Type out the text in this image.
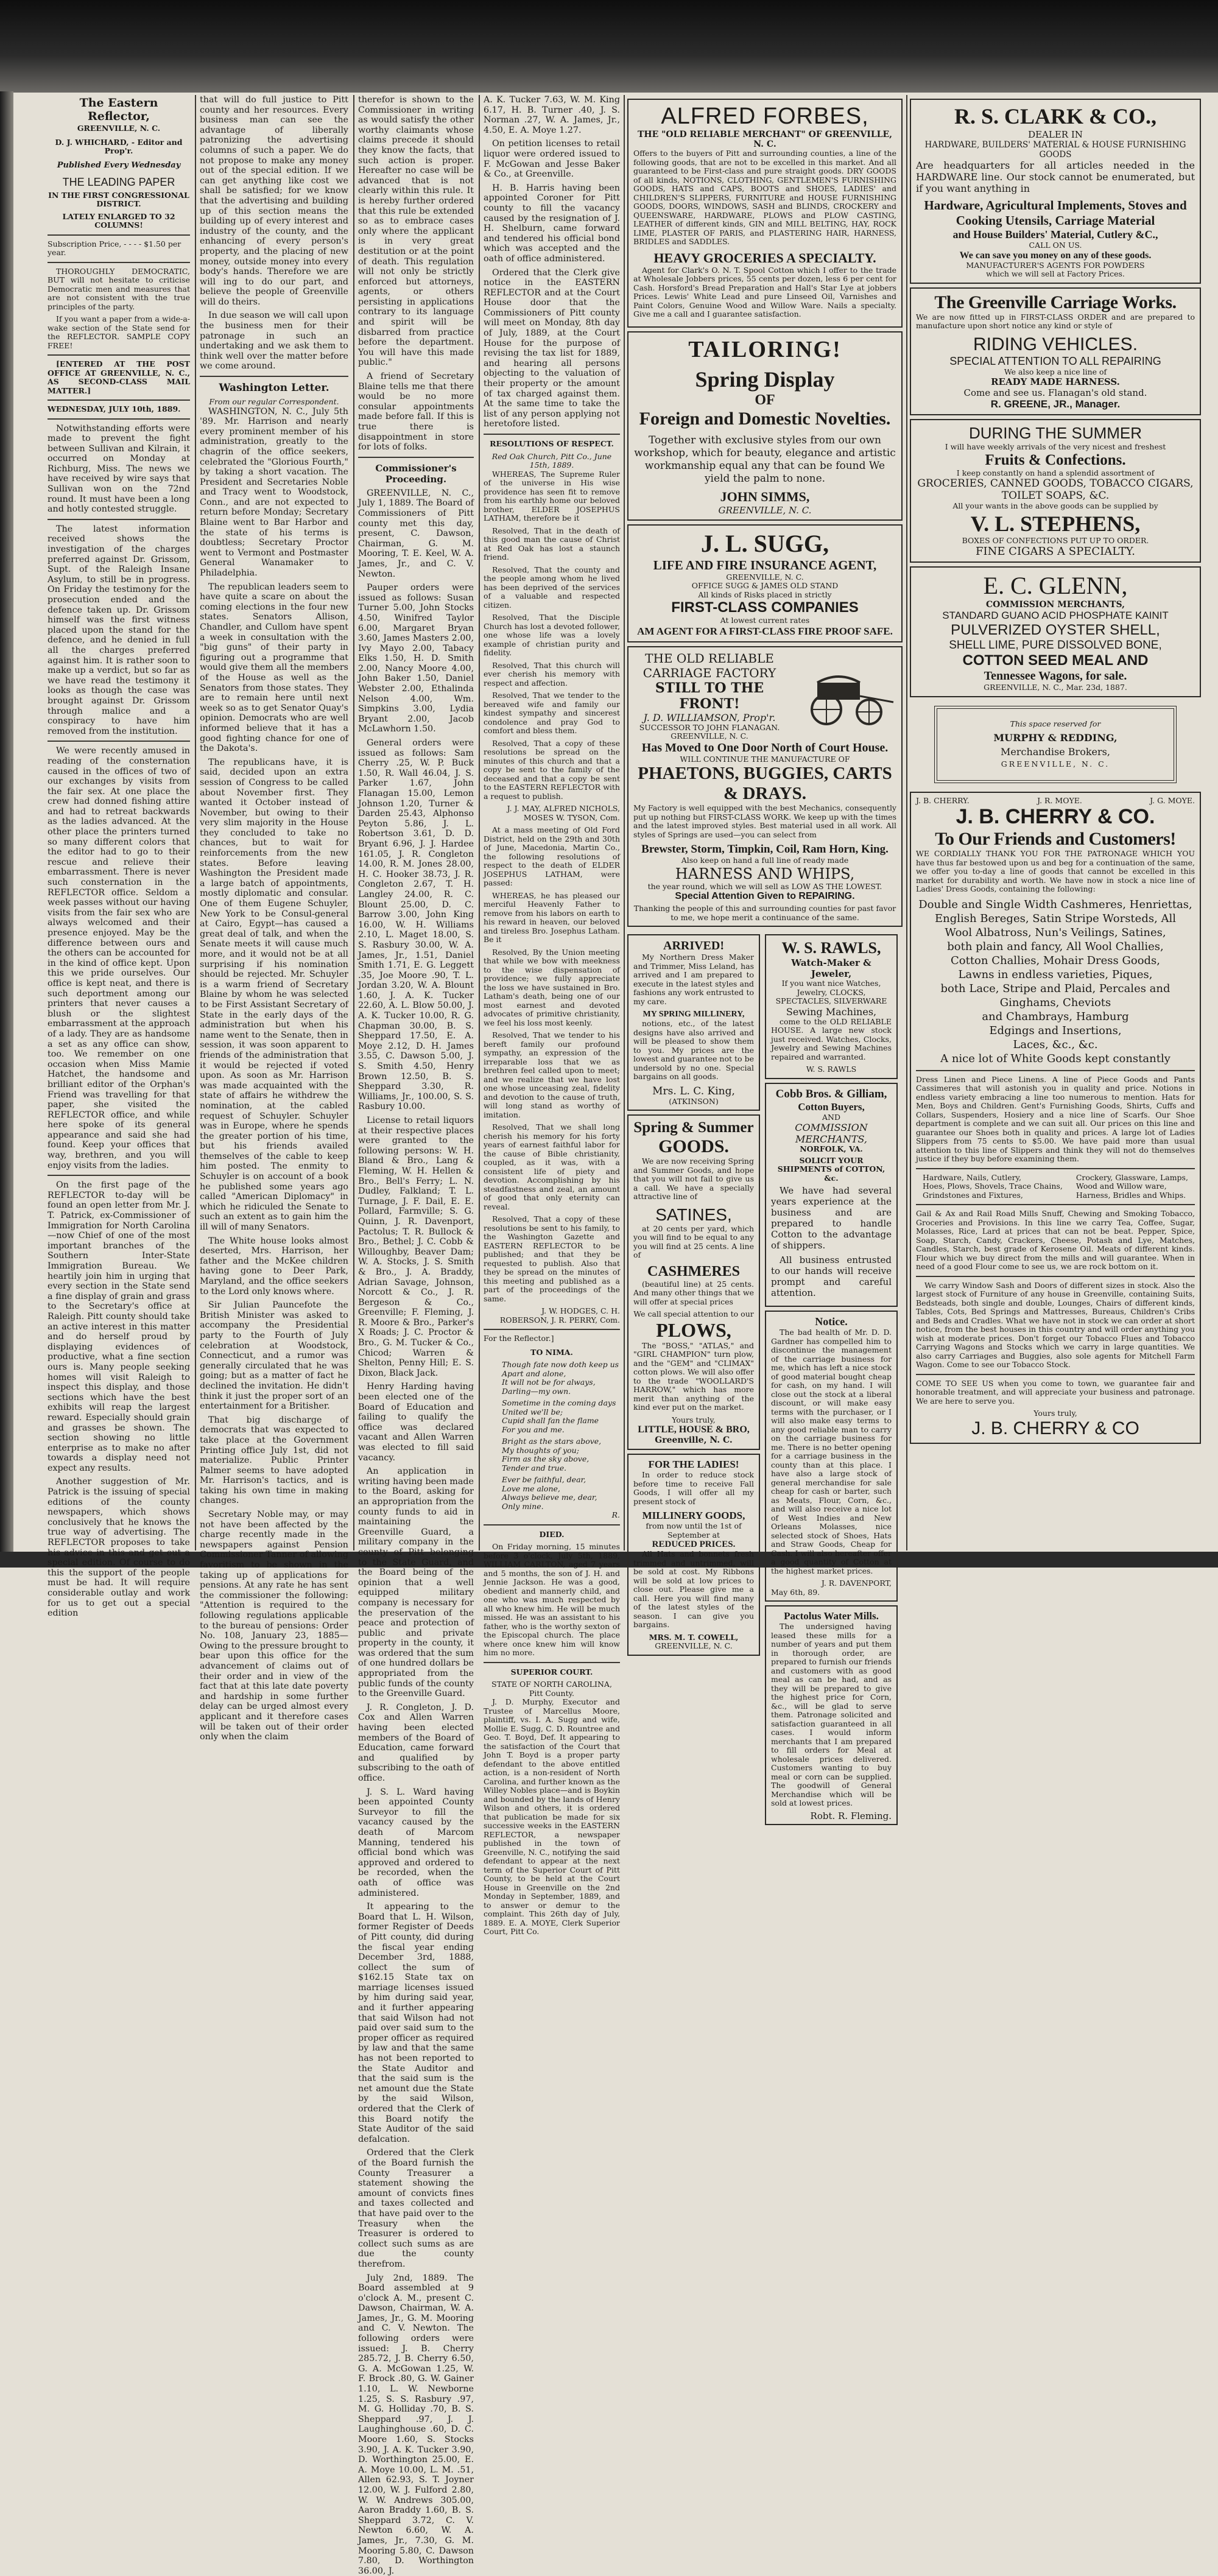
The Eastern Reflector,
GREENVILLE, N. C.
D. J. WHICHARD, - Editor and Prop'r.
Published Every Wednesday
THE LEADING PAPER
IN THE FIRST CONGRESSIONAL DISTRICT.
LATELY ENLARGED TO 32 COLUMNS!
Subscription Price, - - - - $1.50 per year.
THOROUGHLY DEMOCRATIC, BUT will not hesitate to criticise Democratic men and measures that are not consistent with the true principles of the party.
If you want a paper from a wide-a-wake section of the State send for the REFLECTOR. SAMPLE COPY FREE!
[ENTERED AT THE POST OFFICE AT GREENVILLE, N. C., AS SECOND-CLASS MAIL MATTER.]
WEDNESDAY, JULY 10th, 1889.

Notwithstanding efforts were made to prevent the fight between Sullivan and Kilrain, it occurred on Monday at Richburg, Miss. The news we have received by wire says that Sullivan won on the 72nd round. It must have been a long and hotly contested struggle.

The latest information received shows the investigation of the charges preferred against Dr. Grissom, Supt. of the Raleigh Insane Asylum, to still be in progress. On Friday the testimony for the prosecution ended and the defence taken up. Dr. Grissom himself was the first witness placed upon the stand for the defence, and he denied in full all the charges preferred against him. It is rather soon to make up a verdict, but so far as we have read the testimony it looks as though the case was brought against Dr. Grissom through malice and a conspiracy to have him removed from the institution.

We were recently amused in reading of the consternation caused in the offices of two of our exchanges by visits from the fair sex. At one place the crew had donned fishing attire and had to retreat backwards as the ladies advanced. At the other place the printers turned so many different colors that the editor had to go to their rescue and relieve their embarrassment. There is never such consternation in the REFLECTOR office. Seldom a week passes without our having visits from the fair sex who are always welcomed and their presence enjoyed. May be the difference between ours and the others can be accounted for in the kind of office kept. Upon this we pride ourselves. Our office is kept neat, and there is such deportment among our printers that never causes a blush or the slightest embarrassment at the approach of a lady. They are as handsome a set as any office can show, too. We remember on one occasion when Miss Mamie Hatchet, the handsome and brilliant editor of the Orphan's Friend was travelling for that paper, she visited the REFLECTOR office, and while here spoke of its general appearance and said she had found. Keep your offices that way, brethren, and you will enjoy visits from the ladies.

On the first page of the REFLECTOR to-day will be found an open letter from Mr. J. T. Patrick, ex-Commissioner of Immigration for North Carolina—now Chief of one of the most important branches of the Southern Inter-State Immigration Bureau. We heartily join him in urging that every section in the State send a fine display of grain and grass to the Secretary's office at Raleigh. Pitt county should take an active interest in this matter and do herself proud by displaying evidences of productive, what a fine section ours is. Many people seeking homes will visit Raleigh to inspect this display, and those sections which have the best exhibits will reap the largest reward. Especially should grain and grasses be shown. The section showing no little enterprise as to make no after towards a display need not expect any results.

Another suggestion of Mr. Patrick is the issuing of special editions of the county newspapers, which shows conclusively that he knows the true way of advertising. The REFLECTOR proposes to take his advice in this and get out a special edition. Of course to do this the support of the people must be had. It will require considerable outlay and work for us to get out a special edition

that will do full justice to Pitt county and her resources. Every business man can see the advantage of liberally patronizing the advertising columns of such a paper. We do not propose to make any money out of the special edition. If we can get anything like cost we shall be satisfied; for we know that the advertising and building up of this section means the building up of every interest and industry of the county, and the enhancing of every person's property, and the placing of new money, outside money into every body's hands. Therefore we are will ing to do our part, and believe the people of Greenville will do theirs.

In due season we will call upon the business men for their patronage in such an undertaking and we ask them to think well over the matter before we come around.

Washington Letter.
From our regular Correspondent.

WASHINGTON, N. C., July 5th '89. Mr. Harrison and nearly every prominent member of his administration, greatly to the chagrin of the office seekers, celebrated the "Glorious Fourth," by taking a short vacation. The President and Secretaries Noble and Tracy went to Woodstock, Conn., and are not expected to return before Monday; Secretary Blaine went to Bar Harbor and the state of his terms is doubtless; Secretary Proctor went to Vermont and Postmaster General Wanamaker to Philadelphia.

The republican leaders seem to have quite a scare on about the coming elections in the four new states. Senators Allison, Chandler, and Cullom have spent a week in consultation with the "big guns" of their party in figuring out a programme that would give them all the members of the House as well as the Senators from those states. They are to remain here until next week so as to get Senator Quay's opinion. Democrats who are well informed believe that it has a good fighting chance for one of the Dakota's.

The republicans have, it is said, decided upon an extra session of Congress to be called about November first. They wanted it October instead of November, but owing to their very slim majority in the House they concluded to take no chances, but to wait for reinforcements from the new states. Before leaving Washington the President made a large batch of appointments, mostly diplomatic and consular. One of them Eugene Schuyler, New York to be Consul-general at Cairo, Egypt—has caused a great deal of talk, and when the Senate meets it will cause much more, and it would not be at all surprising if his nomination should be rejected. Mr. Schuyler is a warm friend of Secretary Blaine by whom he was selected to be First Assistant Secretary of State in the early days of the administration but when his name went to the Senate, then in session, it was soon apparent to friends of the administration that it would be rejected if voted upon. As soon as Mr. Harrison was made acquainted with the state of affairs he withdrew the nomination, at the cabled request of Schuyler. Schuyler was in Europe, where he spends the greater portion of his time, but his friends availed themselves of the cable to keep him posted. The enmity to Schuyler is on account of a book he published some years ago called "American Diplomacy" in which he ridiculed the Senate to such an extent as to gain him the ill will of many Senators.

The White house looks almost deserted, Mrs. Harrison, her father and the McKee children having gone to Deer Park, Maryland, and the office seekers to the Lord only knows where.

Sir Julian Pauncefote the British Minister was asked to accompany the Presidential party to the Fourth of July celebration at Woodstock, Connecticut, and a rumor was generally circulated that he was going; but as a matter of fact he declined the invitation. He didn't think it just the proper sort of an entertainment for a Britisher.

That big discharge of democrats that was expected to take place at the Government Printing office July 1st, did not materialize. Public Printer Palmer seems to have adopted Mr. Harrison's tactics, and is taking his own time in making changes.

Secretary Noble may, or may not have been affected by the charge recently made in the newspapers against Pension Commissioner Tanner of allowing favoritism to be shown in the taking up of applications for pensions. At any rate he has sent the commissioner the following: "Attention is required to the following regulations applicable to the bureau of pensions: Order No. 108, January 23, 1885—Owing to the pressure brought to bear upon this office for the advancement of claims out of their order and in view of the fact that at this late date poverty and hardship in some further delay can be urged almost every applicant and it therefore cases will be taken out of their order only when the claim

therefor is shown to the Commissioner in writing as would satisfy the other worthy claimants whose claims precede it should they know the facts, that such action is proper. Hereafter no case will be advanced that is not clearly within this rule. It is hereby further ordered that this rule be extended so as to embrace cases only where the applicant is in very great destitution or at the point of death. This regulation will not only be strictly enforced but attorneys, agents, or others persisting in applications contrary to its language and spirit will be disbarred from practice before the department. You will have this made public."

A friend of Secretary Blaine tells me that there would be no more consular appointments made before fall. If this is true there is disappointment in store for lots of folks.

Commissioner's Proceeding.

GREENVILLE, N. C., July 1, 1889. The Board of Commissioners of Pitt county met this day, present, C. Dawson, Chairman, G. M. Mooring, T. E. Keel, W. A. James, Jr., and C. V. Newton.

Pauper orders were issued as follows: Susan Turner 5.00, John Stocks 4.50, Winifred Taylor 6.00, Margaret Bryan 3.60, James Masters 2.00, Ivy Mayo 2.00, Tabacy Elks 1.50, H. D. Smith 2.00, Nancy Moore 4.00, John Baker 1.50, Daniel Webster 2.00, Ethalinda Nelson 4.00, Wm. Simpkins 3.00, Lydia Bryant 2.00, Jacob McLawhorn 1.50.

General orders were issued as follows: Sam Cherry .25, W. P. Buck 1.50, R. Wall 46.04, J. S. Parker 1.67, John Flanagan 15.00, Lemon Johnson 1.20, Turner & Darden 25.43, Alphonso Peyton 5.86, J. L. Robertson 3.61, D. D. Bryant 6.96, J. J. Hardee 161.05, J. R. Congleton 14.00, R. M. Jones 28.00, H. C. Hooker 38.73, J. R. Congleton 2.67, T. H. Langley 24.00, R. C. Blount 25.00, D. C. Barrow 3.00, John King 16.00, W. H. Williams 2.10, L. Maget 18.00, S. S. Rasbury 30.00, W. A. James, Jr., 1.51, Daniel Smith 1.71, E. G. Leggett .35, Joe Moore .90, T. L. Jordan 3.20, W. A. Blount 1.60, J. A. K. Tucker 22.60, A. L. Blow 50.00, J. A. K. Tucker 10.00, R. G. Chapman 30.00, B. S. Sheppard 17.50, E. A. Moye 2.12, D. H. James 3.55, C. Dawson 5.00, J. S. Smith 4.50, Henry Brown 12.50, B. S. Sheppard 3.30, R. Williams, Jr., 100.00, S. S. Rasbury 10.00.

License to retail liquors at their respective places were granted to the following persons: W. H. Bland & Bro., Lang & Fleming, W. H. Hellen & Bro., Bell's Ferry; L. N. Dudley, Falkland; T. L. Turnage, J. F. Dail, E. E. Pollard, Farmville; S. G. Quinn, J. R. Davenport, Pactolus; T. R. Bullock & Bro., Bethel; J. C. Cobb & Willoughby, Beaver Dam; W. A. Stocks, J. S. Smith & Bro., J. A. Braddy, Adrian Savage, Johnson, Norcott & Co., J. R. Bergeson & Co., Greenville; F. Fleming, J. R. Moore & Bro., Parker's X Roads; J. C. Proctor & Bro., G. M. Tucker & Co., Chicod; Warren & Shelton, Penny Hill; E. S. Dixon, Black Jack.

Henry Harding having been elected one of the Board of Education and failing to qualify the office was declared vacant and Allen Warren was elected to fill said vacancy.

An application in writing having been made to the Board, asking for an appropriation from the county funds to aid in maintaining the Greenville Guard, a military company in the county of Pitt belonging to the State Guard, and the Board being of the opinion that a well equipped military company is necessary for the preservation of the peace and protection of public and private property in the county, it was ordered that the sum of one hundred dollars be appropriated from the public funds of the county to the Greenville Guard.

J. R. Congleton, J. D. Cox and Allen Warren having been elected members of the Board of Education, came forward and qualified by subscribing to the oath of office.

J. S. L. Ward having been appointed County Surveyor to fill the vacancy caused by the death of Marcom Manning, tendered his official bond which was approved and ordered to be recorded, when the oath of office was administered.

It appearing to the Board that L. H. Wilson, former Register of Deeds of Pitt county, did during the fiscal year ending December 3rd, 1888, collect the sum of $162.15 State tax on marriage licenses issued by him during said year, and it further appearing that said Wilson had not paid over said sum to the proper officer as required by law and that the same has not been reported to the State Auditor and that the said sum is the net amount due the State by the said Wilson, ordered that the Clerk of this Board notify the State Auditor of the said defalcation.

Ordered that the Clerk of the Board furnish the County Treasurer a statement showing the amount of convicts fines and taxes collected and that have paid over to the Treasury when the Treasurer is ordered to collect such sums as are due the county therefrom.

July 2nd, 1889. The Board assembled at 9 o'clock A. M., present C. Dawson, Chairman, W. A. James, Jr., G. M. Mooring and C. V. Newton. The following orders were issued: J. B. Cherry 285.72, J. B. Cherry 6.50, G. A. McGowan 1.25, W. F. Brock .80, G. W. Gainer 1.10, L. W. Newborne 1.25, S. S. Rasbury .97, M. G. Holliday .70, B. S. Sheppard .97, J. J. Laughinghouse .60, D. C. Moore 1.60, S. Stocks 3.90, J. A. K. Tucker 3.90, D. Worthington 25.00, E. A. Moye 10.00, L. M. .51, Allen 62.93, S. T. Joyner 12.00, W. J. Fulford 2.80, W. W. Andrews 305.00, Aaron Braddy 1.60, B. S. Sheppard 3.72, C. V. Newton 6.60, W. A. James, Jr., 7.30, G. M. Mooring 5.80, C. Dawson 7.80, D. Worthington 36.00, J.

A. K. Tucker 7.63, W. M. King 6.17, H. B. Turner .40, J. S. Norman .27, W. A. James, Jr., 4.50, E. A. Moye 1.27.

On petition licenses to retail liquor were ordered issued to F. McGowan and Jesse Baker & Co., at Greenville.

H. B. Harris having been appointed Coroner for Pitt county to fill the vacancy caused by the resignation of J. H. Shelburn, came forward and tendered his official bond which was accepted and the oath of office administered.

Ordered that the Clerk give notice in the EASTERN REFLECTOR and at the Court House door that the Commissioners of Pitt county will meet on Monday, 8th day of July, 1889, at the Court House for the purpose of revising the tax list for 1889, and hearing all persons objecting to the valuation of their property or the amount of tax charged against them. At the same time to take the list of any person applying not heretofore listed.

RESOLUTIONS OF RESPECT.
Red Oak Church, Pitt Co., June 15th, 1889.

WHEREAS, The Supreme Ruler of the universe in His wise providence has seen fit to remove from his earthly home our beloved brother, ELDER JOSEPHUS LATHAM, therefore be it

Resolved, That in the death of this good man the cause of Christ at Red Oak has lost a staunch friend.

Resolved, That the county and the people among whom he lived has been deprived of the services of a valuable and respected citizen.

Resolved, That the Disciple Church has lost a devoted follower, one whose life was a lovely example of christian purity and fidelity.

Resolved, That this church will ever cherish his memory with respect and affection.

Resolved, That we tender to the bereaved wife and family our kindest sympathy and sincerest condolence and pray God to comfort and bless them.

Resolved, That a copy of these resolutions be spread on the minutes of this church and that a copy be sent to the family of the deceased and that a copy be sent to the EASTERN REFLECTOR with a request to publish.

J. J. MAY, ALFRED NICHOLS, MOSES W. TYSON, Com.

At a mass meeting of Old Ford District, held on the 29th and 30th of June, Macedonia, Martin Co., the following resolutions of respect to the death of ELDER JOSEPHUS LATHAM, were passed:

WHEREAS, he has pleased our merciful Heavenly Father to remove from his labors on earth to his reward in heaven, our beloved and tireless Bro. Josephus Latham. Be it

Resolved, By the Union meeting that while we bow with meekness to the wise dispensation of providence; we fully appreciate the loss we have sustained in Bro. Latham's death, being one of our most earnest and devoted advocates of primitive christianity, we feel his loss most keenly.

Resolved, That we tender to his bereft family our profound sympathy, an expression of the irreparable loss that we as brethren feel called upon to meet; and we realize that we have lost one whose unceasing zeal, fidelity and devotion to the cause of truth, will long stand as worthy of imitation.

Resolved, That we shall long cherish his memory for his forty years of earnest faithful labor for the cause of Bible christianity, coupled, as it was, with a consistent life of piety and devotion. Accomplishing by his steadfastness and zeal, an amount of good that only eternity can reveal.

Resolved, That a copy of these resolutions be sent to his family, to the Washington Gazette and EASTERN REFLECTOR to be published; and that they be requested to publish. Also that they be spread on the minutes of this meeting and published as a part of the proceedings of the same.

J. W. HODGES, C. H. ROBERSON, J. R. PERRY, Com.

For the Reflector.]
TO NIMA.
Though fate now doth keep us
Apart and alone,
It will not be for always,
Darling—my own.
Sometime in the coming days
United we'll be;
Cupid shall fan the flame
For you and me.
Bright as the stars above,
My thoughts of you;
Firm as the sky above,
Tender and true.
Ever be faithful, dear,
Love me alone,
Always believe me, dear,
Only mine.
R.
DIED.

On Friday morning, 15 minutes before 3 o'clock, July 5th, 1889, WILLIAM CARLTON, aged 7 years and 5 months, the son of J. H. and Jennie Jackson. He was a good, obedient and mannerly child, and one who was much respected by all who knew him. He will be much missed. He was an assistant to his father, who is the worthy sexton of the Episcopal church. The place where once knew him will know him no more.

SUPERIOR COURT.
STATE OF NORTH CAROLINA, Pitt County.

J. D. Murphy, Executor and Trustee of Marcellus Moore, plaintiff, vs. I. A. Sugg and wife, Mollie E. Sugg, C. D. Rountree and Geo. T. Boyd, Def. It appearing to the satisfaction of the Court that John T. Boyd is a proper party defendant to the above entitled action, is a non-resident of North Carolina, and further known as the Willey Nobles place—and is Boykin and bounded by the lands of Henry Wilson and others, it is ordered that publication be made for six successive weeks in the EASTERN REFLECTOR, a newspaper published in the town of Greenville, N. C., notifying the said defendant to appear at the next term of the Superior Court of Pitt County, to be held at the Court House in Greenville on the 2nd Monday in September, 1889, and to answer or demur to the complaint. This 26th day of July, 1889. E. A. MOYE, Clerk Superior Court, Pitt Co.

ALFRED FORBES,
THE "OLD RELIABLE MERCHANT" OF GREENVILLE, N. C.
Offers to the buyers of Pitt and surrounding counties, a line of the following goods, that are not to be excelled in this market. And all guaranteed to be First-class and pure straight goods. DRY GOODS of all kinds, NOTIONS, CLOTHING, GENTLEMEN'S FURNISHING GOODS, HATS and CAPS, BOOTS and SHOES, LADIES' and CHILDREN'S SLIPPERS, FURNITURE and HOUSE FURNISHING GOODS, DOORS, WINDOWS, SASH and BLINDS, CROCKERY and QUEENSWARE, HARDWARE, PLOWS and PLOW CASTING, LEATHER of different kinds, GIN and MILL BELTING, HAY, ROCK LIME, PLASTER OF PARIS, and PLASTERING HAIR, HARNESS, BRIDLES and SADDLES.
HEAVY GROCERIES A SPECIALTY.
Agent for Clark's O. N. T. Spool Cotton which I offer to the trade at Wholesale Jobbers prices, 55 cents per dozen, less 6 per cent for Cash. Horsford's Bread Preparation and Hall's Star Lye at jobbers Prices. Lewis' White Lead and pure Linseed Oil, Varnishes and Paint Colors, Genuine Wood and Willow Ware. Nails a specialty. Give me a call and I guarantee satisfaction.
TAILORING!
Spring Display
OF
Foreign and Domestic Novelties.
Together with exclusive styles from our own workshop, which for beauty, elegance and artistic workmanship equal any that can be found We yield the palm to none.
JOHN SIMMS,
GREENVILLE, N. C.
J. L. SUGG,
LIFE AND FIRE INSURANCE AGENT,
GREENVILLE, N. C.
OFFICE SUGG & JAMES OLD STAND
All kinds of Risks placed in strictly
FIRST-CLASS COMPANIES
At lowest current rates
AM AGENT FOR A FIRST-CLASS FIRE PROOF SAFE.
THE OLD RELIABLE CARRIAGE FACTORY
STILL TO THE FRONT!
J. D. WILLIAMSON, Prop'r.
SUCCESSOR TO JOHN FLANAGAN.
GREENVILLE, N. C.
Has Moved to One Door North of Court House.
WILL CONTINUE THE MANUFACTURE OF
PHAETONS, BUGGIES, CARTS & DRAYS.
My Factory is well equipped with the best Mechanics, consequently put up nothing but FIRST-CLASS WORK. We keep up with the times and the latest improved styles. Best material used in all work. All styles of Springs are used—you can select from
Brewster, Storm, Timpkin, Coil, Ram Horn, King.
Also keep on hand a full line of ready made
HARNESS AND WHIPS,
the year round, which we will sell as LOW AS THE LOWEST.
Special Attention Given to REPAIRING.
Thanking the people of this and surrounding counties for past favor to me, we hope merit a continuance of the same.
ARRIVED!
My Northern Dress Maker and Trimmer, Miss Leland, has arrived and I am prepared to execute in the latest styles and fashions any work entrusted to my care.
MY SPRING MILLINERY,
notions, etc., of the latest designs have also arrived and will be pleased to show them to you. My prices are the lowest and guarantee not to be undersold by no one. Special bargains on all goods.
Mrs. L. C. King,
(ATKINSON)
Spring & Summer
GOODS.
We are now receiving Spring and Summer Goods, and hope that you will not fail to give us a call. We have a specially attractive line of
SATINES,
at 20 cents per yard, which you will find to be equal to any you will find at 25 cents. A line of
CASHMERES
(beautiful line) at 25 cents. And many other things that we will offer at special prices
We call special attention to our
PLOWS,
The "BOSS," "ATLAS," and "GIRL CHAMPION" turn plow, and the "GEM" and "CLIMAX" cotton plows. We will also offer to the trade "WOOLLARD'S HARROW," which has more merit than anything of the kind ever put on the market.
Yours truly,
LITTLE, HOUSE & BRO,
Greenville, N. C.
FOR THE LADIES!
In order to reduce stock before time to receive Fall Goods, I will offer all my present stock of
MILLINERY GOODS,
from now until the 1st of September at
REDUCED PRICES.
All Hats and bonnets fresh trimmed and untrimmed, will be sold at cost. My Ribbons will be sold at low prices to close out. Please give me a call. Here you will find many of the latest styles of the season. I can give you bargains.
MRS. M. T. COWELL,
GREENVILLE, N. C.
W. S. RAWLS,
Watch-Maker & Jeweler,
If you want nice Watches, Jewelry, CLOCKS, SPECTACLES, SILVERWARE
Sewing Machines,
come to the OLD RELIABLE HOUSE. A large new stock just received. Watches, Clocks, Jewelry and Sewing Machines repaired and warranted.
W. S. RAWLS
Cobb Bros. & Gilliam,
Cotton Buyers,
AND
COMMISSION MERCHANTS,
NORFOLK, VA.
SOLICIT YOUR SHIPMENTS of COTTON, &c.
We have had several years experience at the business and are prepared to handle Cotton to the advantage of shippers.
All business entrusted to our hands will receive prompt and careful attention.
Notice.
The bad health of Mr. D. D. Gardner has compelled him to discontinue the management of the carriage business for me, which has left a nice stock of good material bought cheap for cash, on my hand. I will close out the stock at a liberal discount, or will make easy terms with the purchaser, or I will also make easy terms to any good reliable man to carry on the carriage business for me. There is no better opening for a carriage business in the county than at this place. I have also a large stock of general merchandise for sale cheap for cash or barter, such as Meats, Flour, Corn, &c., and will also receive a nice lot of West Indies and New Orleans Molasses, nice selected stock of Shoes, Hats and Straw Goods, Cheap for Cash. I will also hereafter offer a good quantity of Cotton at the highest market prices.
J. R. DAVENPORT,
May 6th, 89.
Pactolus Water Mills.
The undersigned having leased these mills for a number of years and put them in thorough order, are prepared to furnish our friends and customers with as good meal as can be had, and as they will be prepared to give the highest price for Corn, &c., will be glad to serve them. Patronage solicited and satisfaction guaranteed in all cases. I would inform merchants that I am prepared to fill orders for Meal at wholesale prices delivered. Customers wanting to buy meal or corn can be supplied. The goodwill of General Merchandise which will be sold at lowest prices.
Robt. R. Fleming.
R. S. CLARK & CO.,
DEALER IN
HARDWARE, BUILDERS' MATERIAL & HOUSE FURNISHING GOODS
Are headquarters for all articles needed in the HARDWARE line. Our stock cannot be enumerated, but if you want anything in
Hardware, Agricultural Implements, Stoves and Cooking Utensils, Carriage Material
and House Builders' Material, Cutlery &C.,
CALL ON US.
We can save you money on any of these goods.
MANUFACTURER'S AGENTS FOR POWDERS
which we will sell at Factory Prices.
The Greenville Carriage Works.
We are now fitted up in FIRST-CLASS ORDER and are prepared to manufacture upon short notice any kind or style of
RIDING VEHICLES.
SPECIAL ATTENTION TO ALL REPAIRING
We also keep a nice line of
READY MADE HARNESS.
Come and see us. Flanagan's old stand.
R. GREENE, JR., Manager.
DURING THE SUMMER
I will have weekly arrivals of the very nicest and freshest
Fruits & Confections.
I keep constantly on hand a splendid assortment of
GROCERIES, CANNED GOODS, TOBACCO CIGARS, TOILET SOAPS, &C.
All your wants in the above goods can be supplied by
V. L. STEPHENS,
BOXES OF CONFECTIONS PUT UP TO ORDER.
FINE CIGARS A SPECIALTY.
E. C. GLENN,
COMMISSION MERCHANTS,
STANDARD GUANO ACID PHOSPHATE KAINIT
PULVERIZED OYSTER SHELL,
SHELL LIME, PURE DISSOLVED BONE,
COTTON SEED MEAL AND
Tennessee Wagons, for sale.
GREENVILLE, N. C., Mar. 23d, 1887.
This space reserved for
MURPHY & REDDING,
Merchandise Brokers,
GREENVILLE, N. C.
J. B. CHERRY.	J. R. MOYE.	J. G. MOYE.
J. B. CHERRY & CO.
To Our Friends and Customers!
WE CORDIALLY THANK YOU FOR THE PATRONAGE WHICH YOU have thus far bestowed upon us and beg for a continuation of the same, we offer you to-day a line of goods that cannot be excelled in this market for durability and worth. We have now in stock a nice line of Ladies' Dress Goods, containing the following:
Double and Single Width Cashmeres, Henriettas,
English Bereges, Satin Stripe Worsteds, All
Wool Albatross, Nun's Veilings, Satines,
both plain and fancy, All Wool Challies,
Cotton Challies, Mohair Dress Goods,
Lawns in endless varieties, Piques,
both Lace, Stripe and Plaid, Percales and Ginghams, Cheviots
and Chambrays, Hamburg
Edgings and Insertions,
Laces, &c., &c.
A nice lot of White Goods kept constantly
Dress Linen and Piece Linens. A line of Piece Goods and Pants Cassimeres that will astonish you in quality and price. Notions in endless variety embracing a line too numerous to mention. Hats for Men, Boys and Children. Gent's Furnishing Goods, Shirts, Cuffs and Collars, Suspenders, Hosiery and a nice line of Scarfs. Our Shoe department is complete and we can suit all. Our prices on this line and guarantee our Shoes both in quality and prices. A large lot of Ladies Slippers from 75 cents to $5.00. We have paid more than usual attention to this line of Slippers and think they will not do themselves justice if they buy before examining them.
Hardware, Nails, Cutlery,
Hoes, Plows, Shovels, Trace Chains,
Grindstones and Fixtures,
Crockery, Glassware, Lamps,
Wood and Willow ware,
Harness, Bridles and Whips.
Gail & Ax and Rail Road Mills Snuff, Chewing and Smoking Tobacco, Groceries and Provisions. In this line we carry Tea, Coffee, Sugar, Molasses, Rice, Lard at prices that can not be beat. Pepper, Spice, Soap, Starch, Candy, Crackers, Cheese, Potash and Lye, Matches, Candles, Starch, best grade of Kerosene Oil. Meats of different kinds. Flour which we buy direct from the mills and will guarantee. When in need of a good Flour come to see us, we are rock bottom on it.
We carry Window Sash and Doors of different sizes in stock. Also the largest stock of Furniture of any house in Greenville, containing Suits, Bedsteads, both single and double, Lounges, Chairs of different kinds, Tables, Cots, Bed Springs and Mattresses, Bureaus, Children's Cribs and Beds and Cradles. What we have not in stock we can order at short notice, from the best houses in this country and will order anything you wish at moderate prices. Don't forget our Tobacco Flues and Tobacco Carrying Wagons and Stocks which we carry in large quantities. We also carry Carriages and Buggies, also sole agents for Mitchell Farm Wagon. Come to see our Tobacco Stock.
COME TO SEE US when you come to town, we guarantee fair and honorable treatment, and will appreciate your business and patronage. We are here to serve you.
Yours truly,
J. B. CHERRY & CO
